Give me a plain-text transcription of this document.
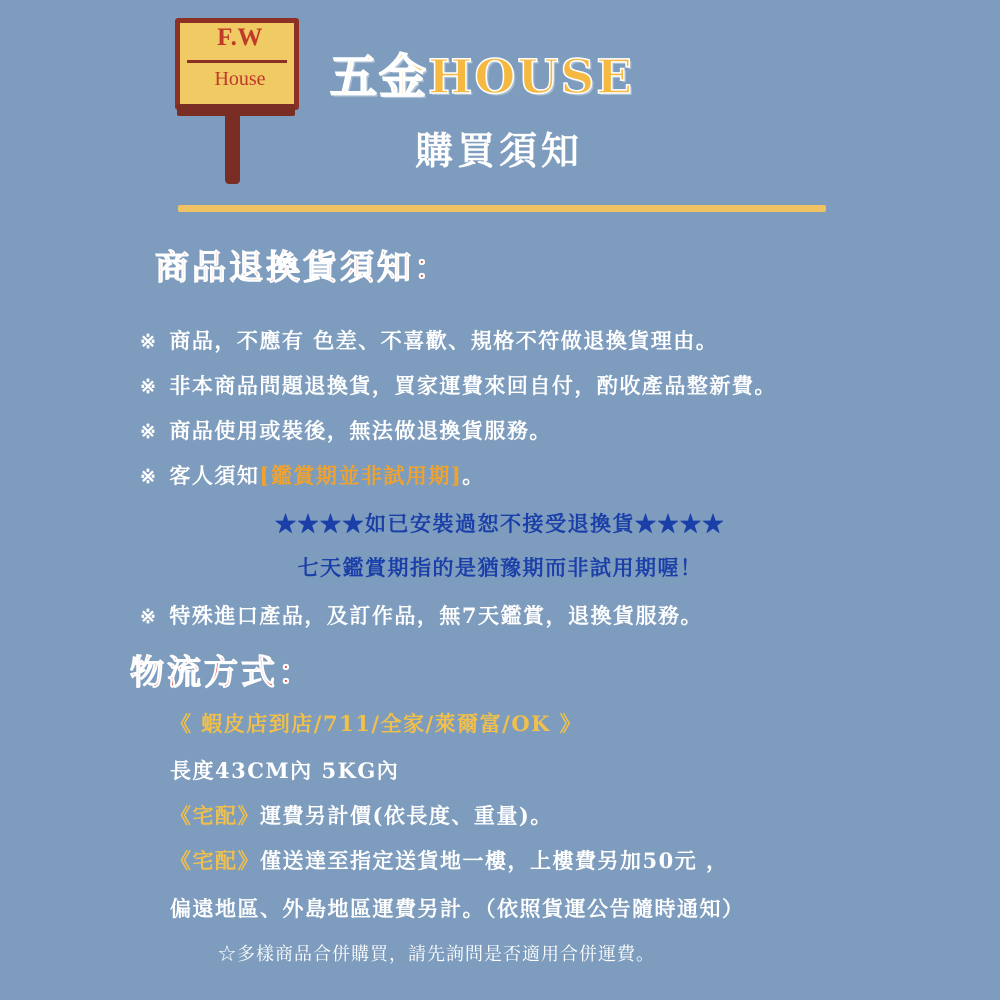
F.W
House	五金HOUSE
購買須知
商品退換貨須知：
※ 商品，不應有 色差、不喜歡、規格不符做退換貨理由。
※ 非本商品問題退換貨，買家運費來回自付，酌收產品整新費。
※ 商品使用或裝後，無法做退換貨服務。
※ 客人須知 [鑑賞期並非試用期] 。
★★★★如已安裝過恕不接受退換貨★★★★
七天鑑賞期指的是猶豫期而非試用期喔！
※ 特殊進口產品，及訂作品，無7天鑑賞，退換貨服務。
物流方式：
《 蝦皮店到店/711/全家/萊爾富/OK 》
長度43CM內 5KG內
《宅配》運費另計價(依長度、重量)。
《宅配》僅送達至指定送貨地一樓，上樓費另加50元 ，
偏遠地區、外島地區運費另計。（依照貨運公告隨時通知）
☆多樣商品合併購買，請先詢問是否適用合併運費。
